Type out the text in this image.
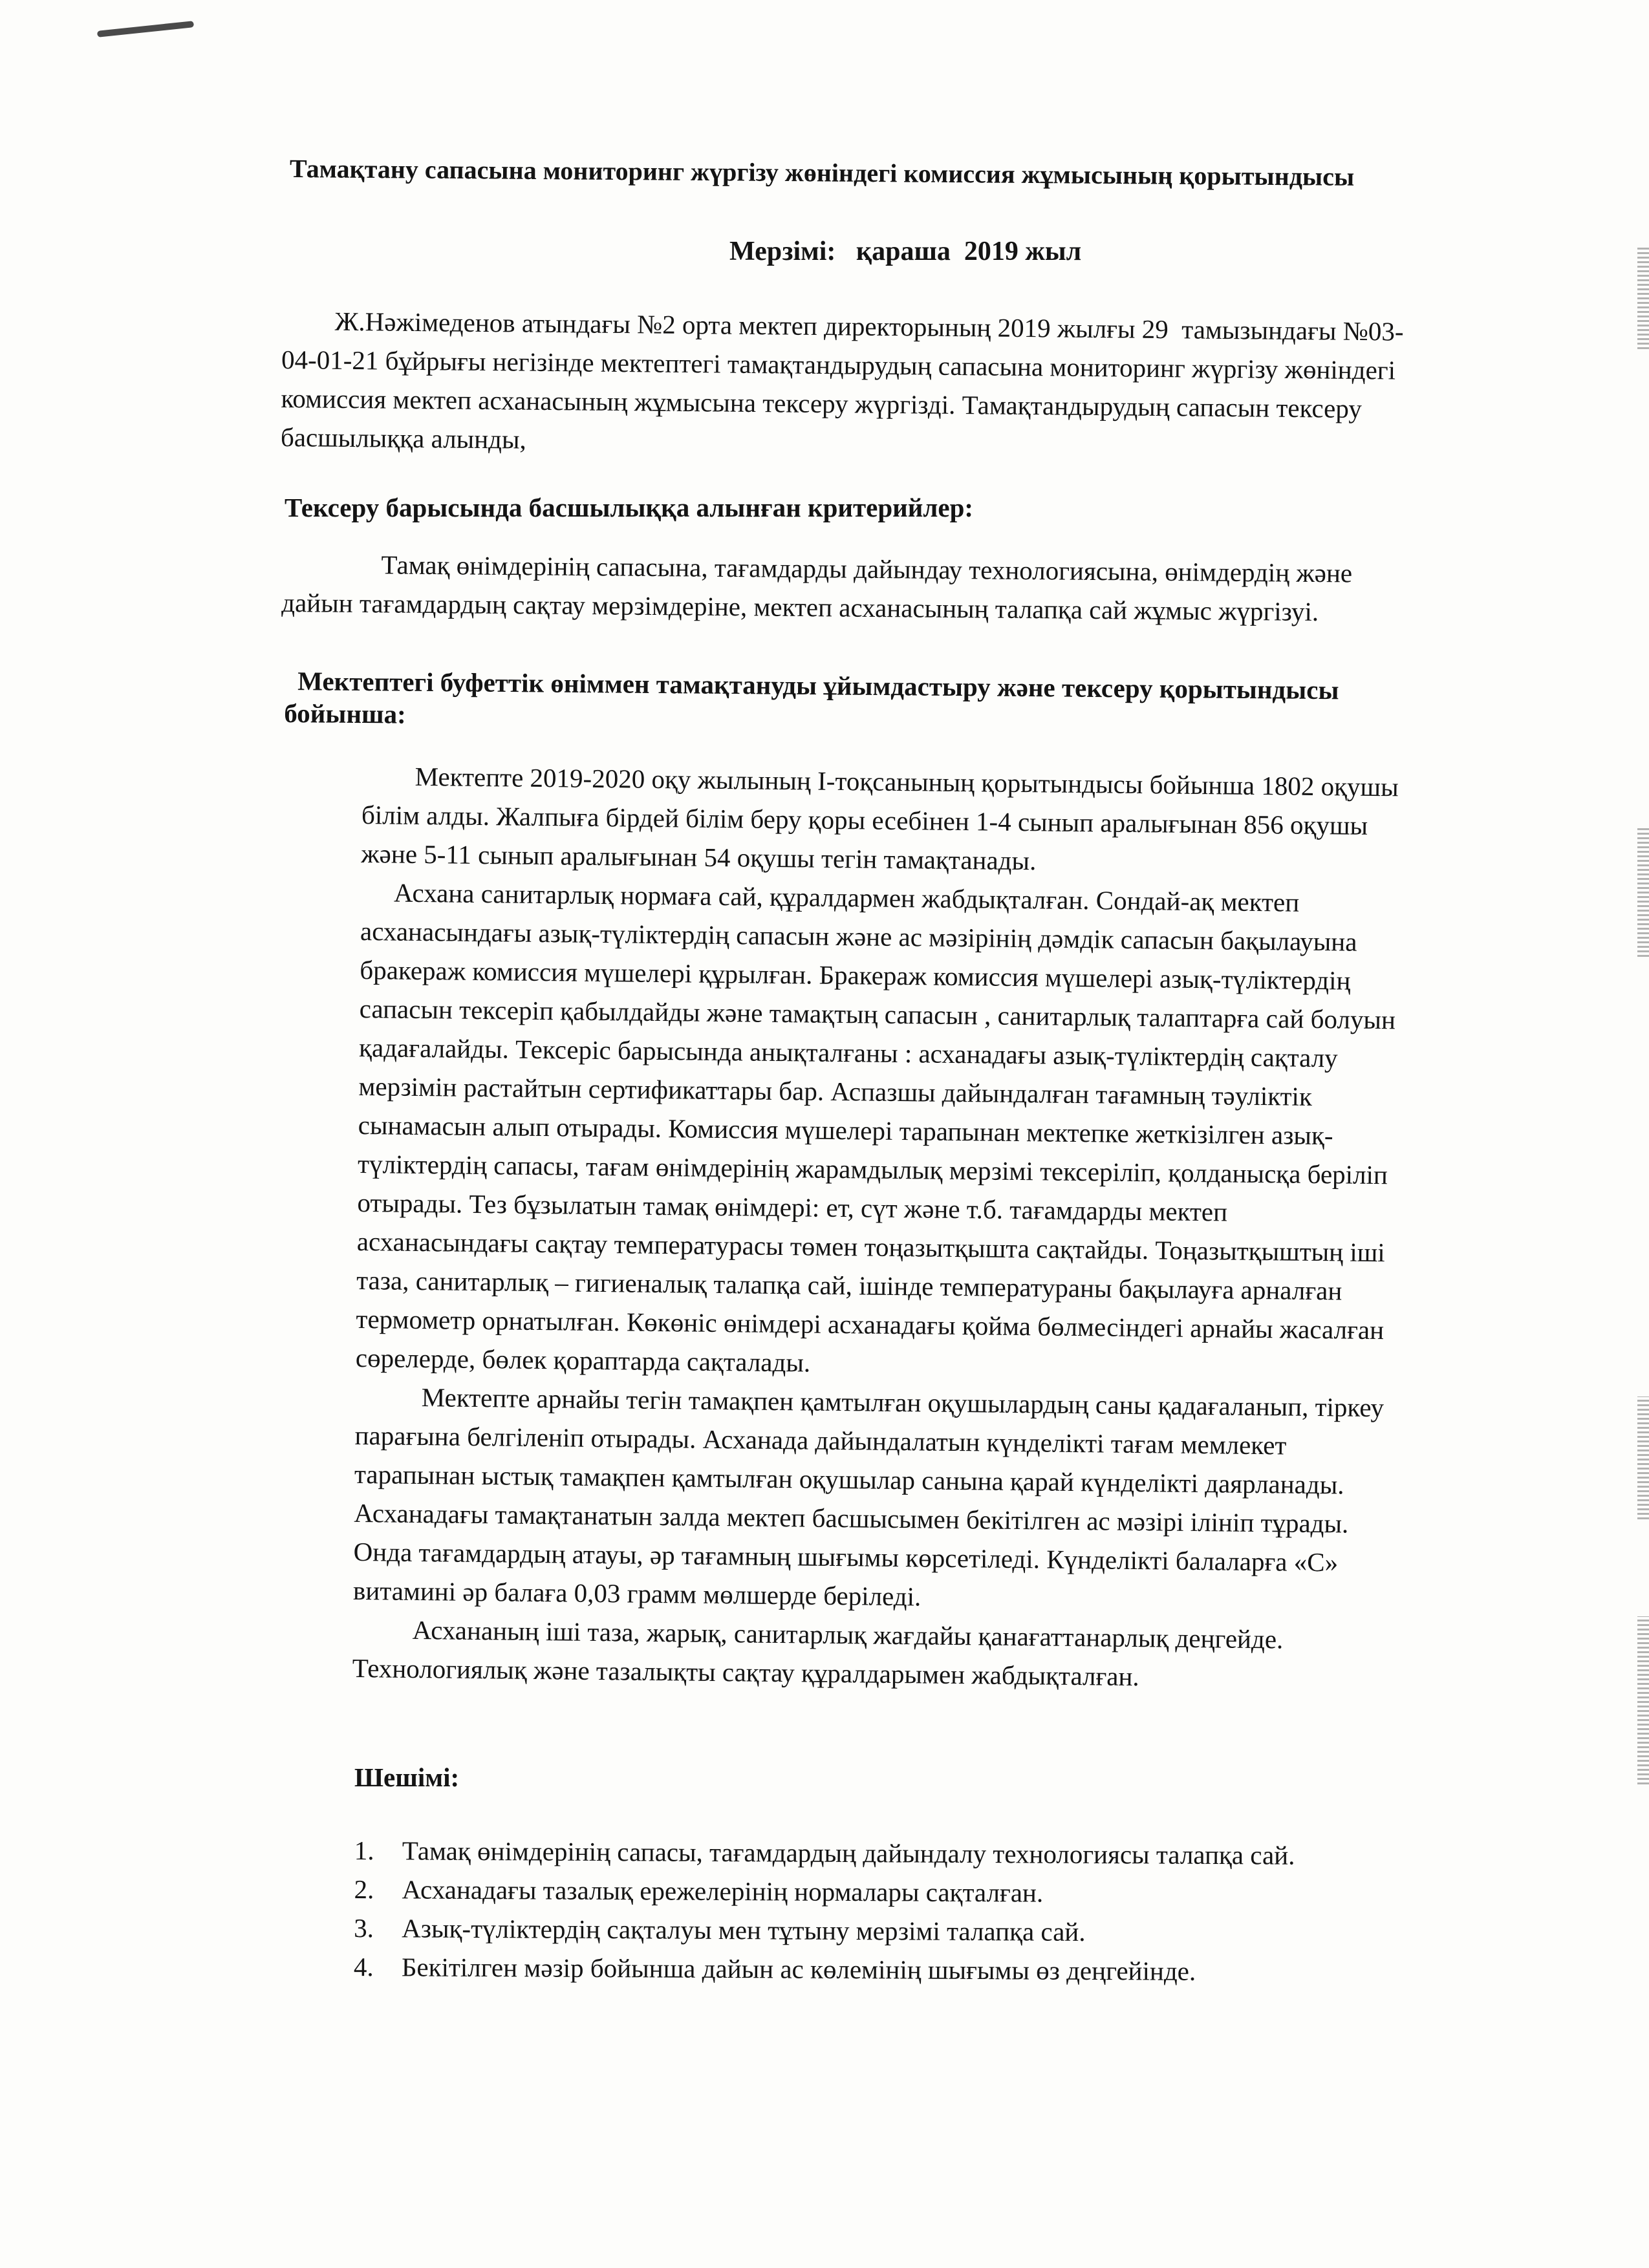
Тамақтану сапасына мониторинг жүргізу жөніндегі комиссия жұмысының қорытындысы
Мерзімі:   қараша  2019 жыл
Ж.Нәжімеденов атындағы №2 орта мектеп директорының 2019 жылғы 29  тамызындағы №03-
04-01-21 бұйрығы негізінде мектептегі тамақтандырудың сапасына мониторинг жүргізу жөніндегі
комиссия мектеп асханасының жұмысына тексеру жүргізді. Тамақтандырудың сапасын тексеру
басшылыққа алынды,
Тексеру барысында басшылыққа алынған критерийлер:
Тамақ өнімдерінің сапасына, тағамдарды дайындау технологиясына, өнімдердің және
дайын тағамдардың сақтау мерзімдеріне, мектеп асханасының талапқа сай жұмыс жүргізуі.
Мектептегі буфеттік өніммен тамақтануды ұйымдастыру және тексеру қорытындысы
бойынша:
Мектепте 2019-2020 оқу жылының І-тоқсанының қорытындысы бойынша 1802 оқушы
білім алды. Жалпыға бірдей білім беру қоры есебінен 1-4 сынып аралығынан 856 оқушы
және 5-11 сынып аралығынан 54 оқушы тегін тамақтанады.
Асхана санитарлық нормаға сай, құралдармен жабдықталған. Сондай-ақ мектеп
асханасындағы азық-түліктердің сапасын және ас мәзірінің дәмдік сапасын бақылауына
бракераж комиссия мүшелері құрылған. Бракераж комиссия мүшелері азық-түліктердің
сапасын тексеріп қабылдайды және тамақтың сапасын , санитарлық талаптарға сай болуын
қадағалайды. Тексеріс барысында анықталғаны : асханадағы азық-түліктердің сақталу
мерзімін растайтын сертификаттары бар. Аспазшы дайындалған тағамның тәуліктік
сынамасын алып отырады. Комиссия мүшелері тарапынан мектепке жеткізілген азық-
түліктердің сапасы, тағам өнімдерінің жарамдылық мерзімі тексеріліп, қолданысқа беріліп
отырады. Тез бұзылатын тамақ өнімдері: ет, сүт және т.б. тағамдарды мектеп
асханасындағы сақтау температурасы төмен тоңазытқышта сақтайды. Тоңазытқыштың іші
таза, санитарлық – гигиеналық талапқа сай, ішінде температураны бақылауға арналған
термометр орнатылған. Көкөніс өнімдері асханадағы қойма бөлмесіндегі арнайы жасалған
сөрелерде, бөлек қораптарда сақталады.
Мектепте арнайы тегін тамақпен қамтылған оқушылардың саны қадағаланып, тіркеу
парағына белгіленіп отырады. Асханада дайындалатын күнделікті тағам мемлекет
тарапынан ыстық тамақпен қамтылған оқушылар санына қарай күнделікті даярланады.
Асханадағы тамақтанатын залда мектеп басшысымен бекітілген ас мәзірі ілініп тұрады.
Онда тағамдардың атауы, әр тағамның шығымы көрсетіледі. Күнделікті балаларға «С»
витамині әр балаға 0,03 грамм мөлшерде беріледі.
Асхананың іші таза, жарық, санитарлық жағдайы қанағаттанарлық деңгейде.
Технологиялық және тазалықты сақтау құралдарымен жабдықталған.
Шешімі:
1.	Тамақ өнімдерінің сапасы, тағамдардың дайындалу технологиясы талапқа сай.
2.	Асханадағы тазалық ережелерінің нормалары сақталған.
3.	Азық-түліктердің сақталуы мен тұтыну мерзімі талапқа сай.
4.	Бекітілген мәзір бойынша дайын ас көлемінің шығымы өз деңгейінде.
